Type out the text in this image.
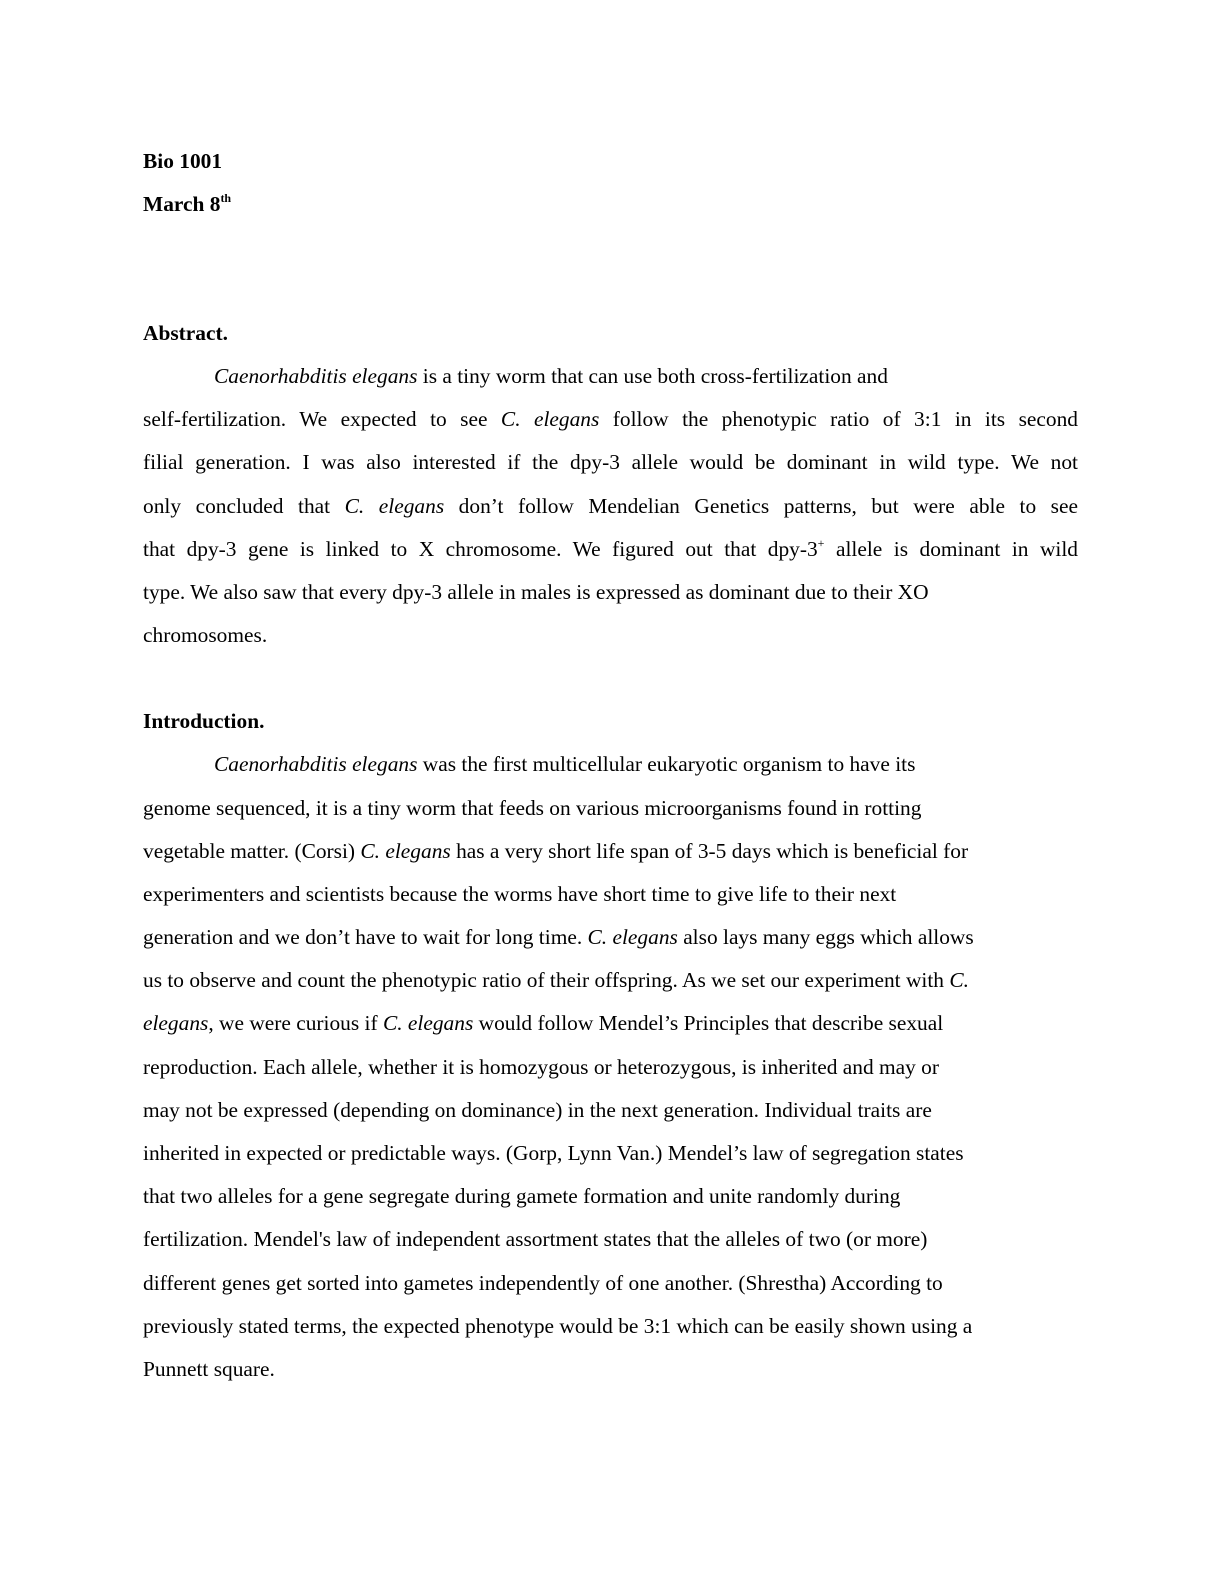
Bio 1001
March 8th
Abstract.
Caenorhabditis elegans is a tiny worm that can use both cross-fertilization and
self-fertilization. We expected to see C. elegans follow the phenotypic ratio of 3:1 in its second
filial generation. I was also interested if the dpy-3 allele would be dominant in wild type. We not
only concluded that C. elegans don’t follow Mendelian Genetics patterns, but were able to see
that dpy-3 gene is linked to X chromosome. We figured out that dpy-3+ allele is dominant in wild
type. We also saw that every dpy-3 allele in males is expressed as dominant due to their XO
chromosomes.
Introduction.
Caenorhabditis elegans was the first multicellular eukaryotic organism to have its
genome sequenced, it is a tiny worm that feeds on various microorganisms found in rotting
vegetable matter. (Corsi) C. elegans has a very short life span of 3-5 days which is beneficial for
experimenters and scientists because the worms have short time to give life to their next
generation and we don’t have to wait for long time. C. elegans also lays many eggs which allows
us to observe and count the phenotypic ratio of their offspring. As we set our experiment with C.
elegans, we were curious if C. elegans would follow Mendel’s Principles that describe sexual
reproduction. Each allele, whether it is homozygous or heterozygous, is inherited and may or
may not be expressed (depending on dominance) in the next generation. Individual traits are
inherited in expected or predictable ways. (Gorp, Lynn Van.) Mendel’s law of segregation states
that two alleles for a gene segregate during gamete formation and unite randomly during
fertilization. Mendel's law of independent assortment states that the alleles of two (or more)
different genes get sorted into gametes independently of one another. (Shrestha) According to
previously stated terms, the expected phenotype would be 3:1 which can be easily shown using a
Punnett square.
